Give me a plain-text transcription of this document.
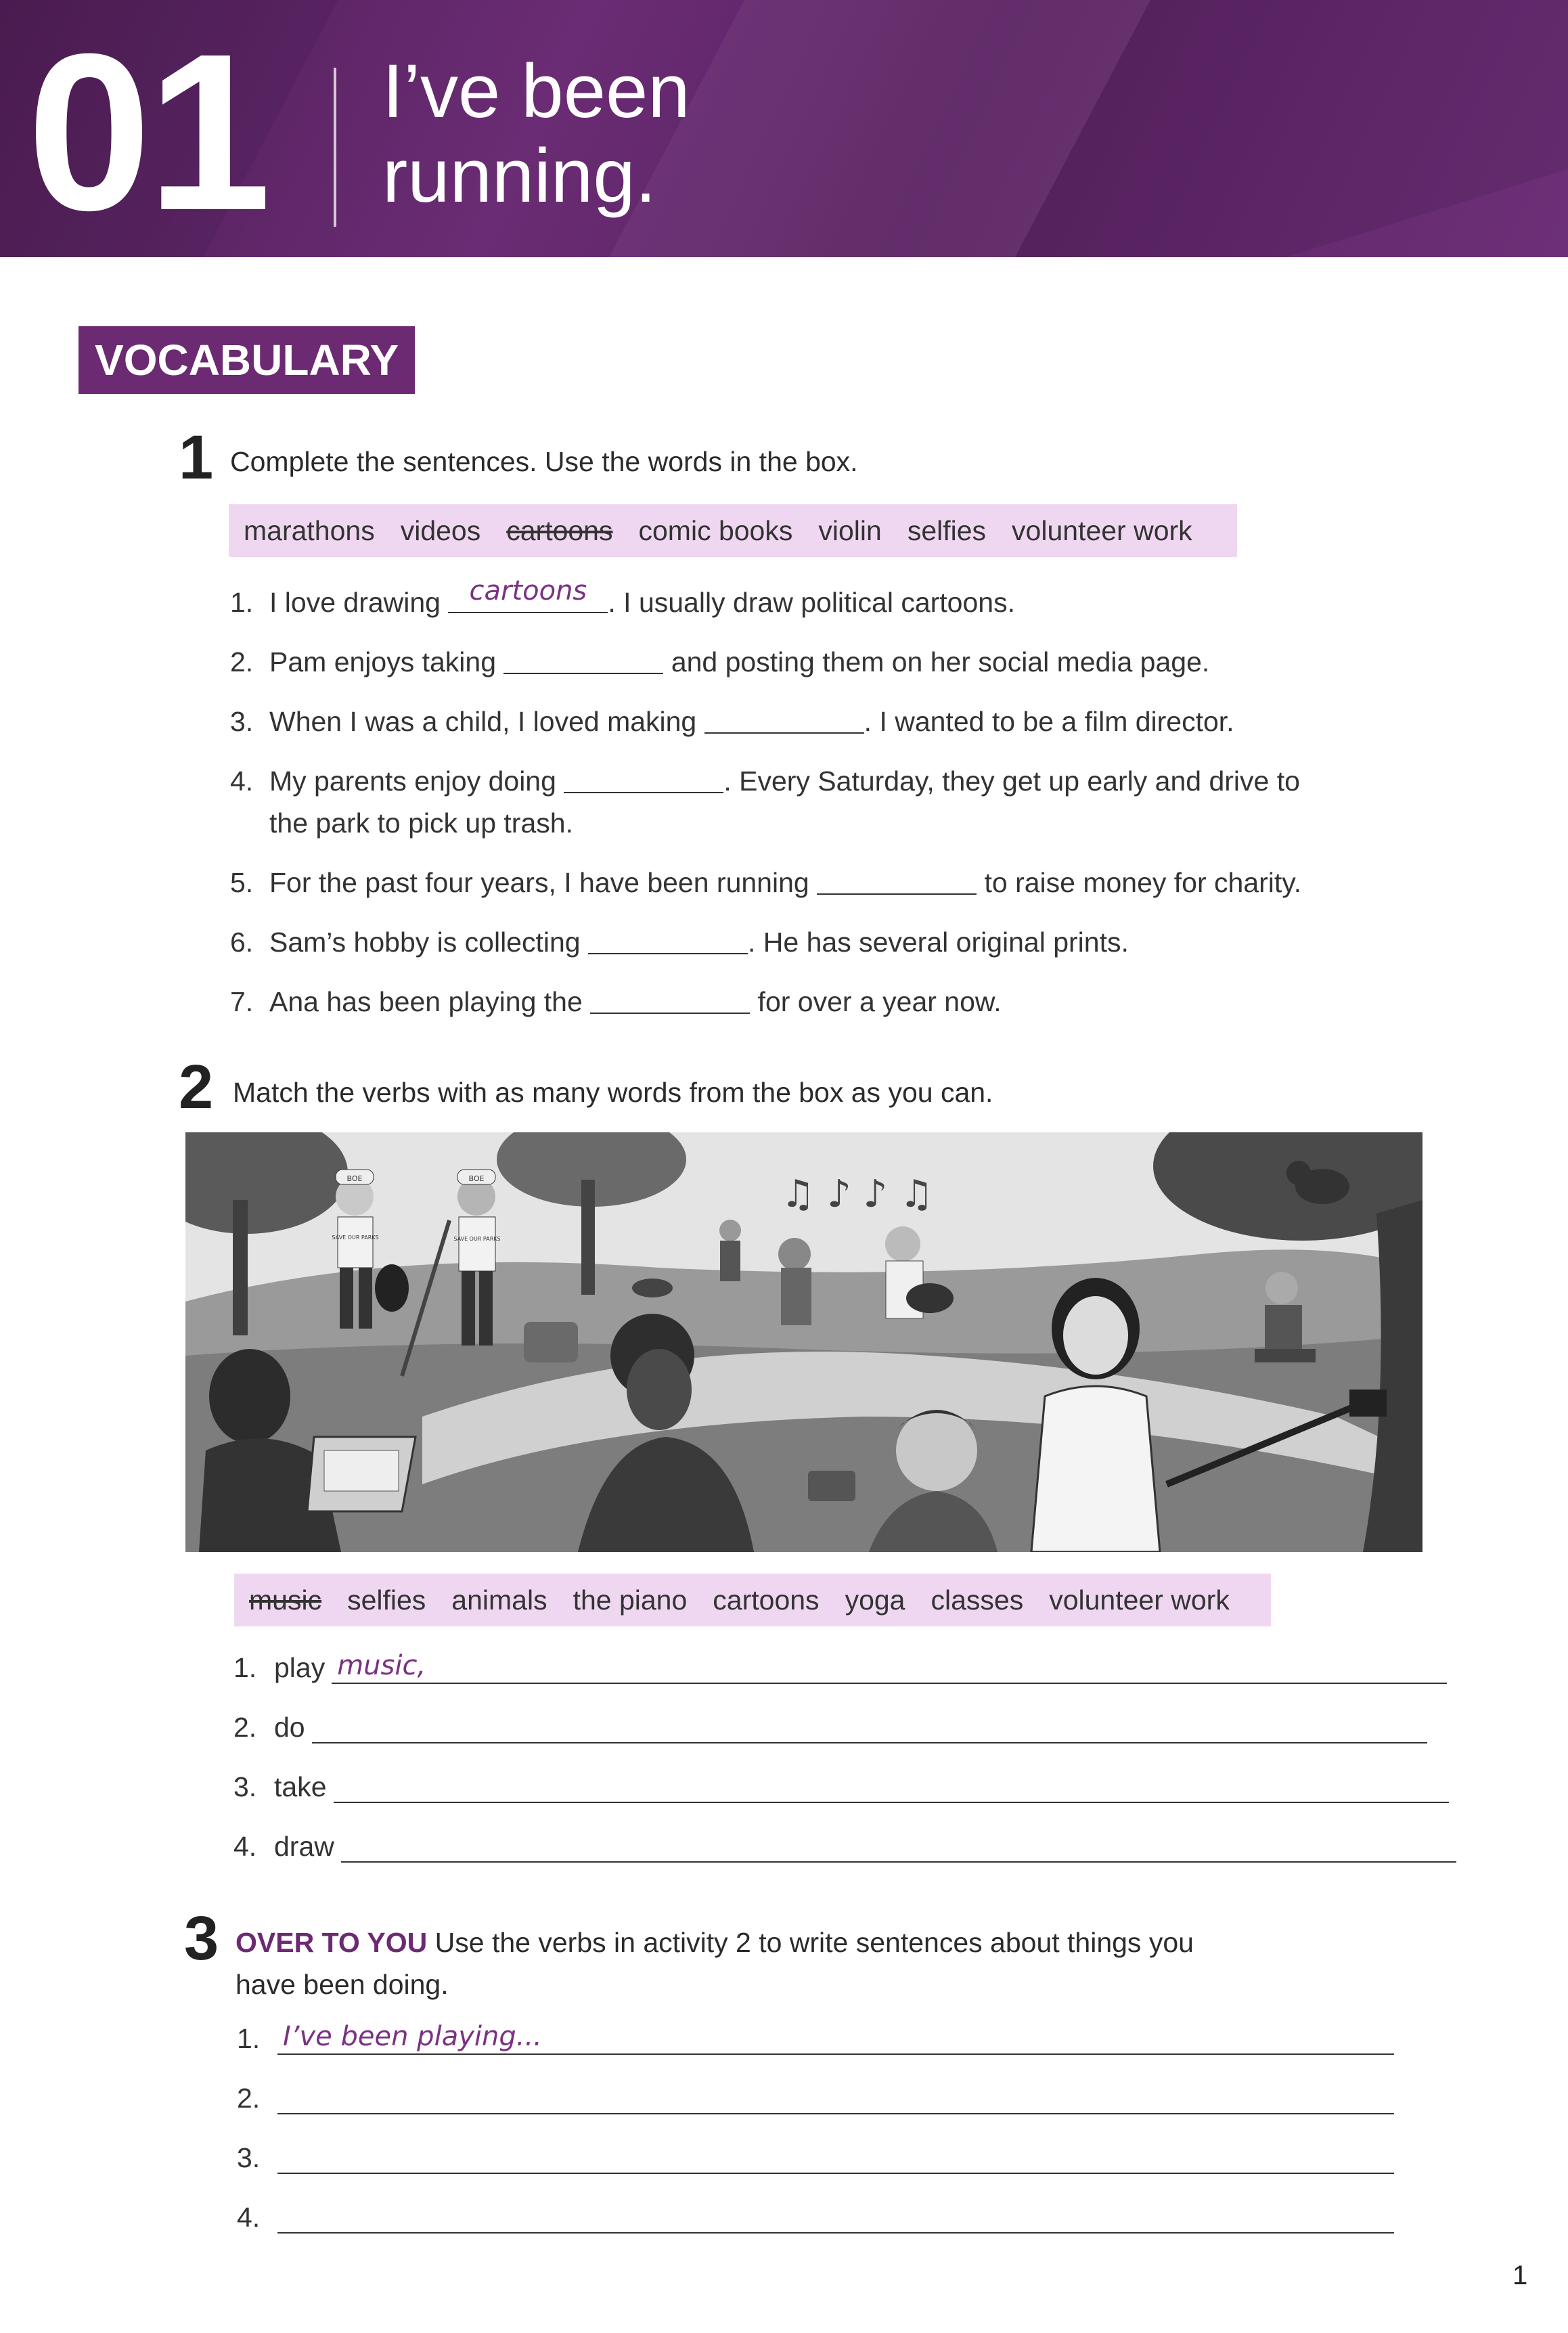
01 I’ve been
running.
VOCABULARY
1 Complete the sentences. Use the words in the box.
marathons videos cartoons comic books violin selfies volunteer work
1. I love drawing cartoons . I usually draw political cartoons.
2. Pam enjoys taking	and posting them on her social media page.
3. When I was a child, I loved making	. I wanted to be a film director.
4. My parents enjoy doing	. Every Saturday, they get up early and drive to
the park to pick up trash.
5. For the past four years, I have been running	to raise money for charity.
6. Sam’s hobby is collecting	. He has several original prints.
7. Ana has been playing the	for over a year now.
2 Match the verbs with as many words from the box as you can.
BOE
SAVE OUR PARKS
BOE
SAVE OUR PARKS
♫ ♪ ♪ ♫
music selfies animals the piano cartoons yoga classes volunteer work
1. play music,
2. do
3. take
4. draw
3 OVER TO YOU Use the verbs in activity 2 to write sentences about things you
have been doing.
1. I’ve been playing...
2.
3.
4.
1
